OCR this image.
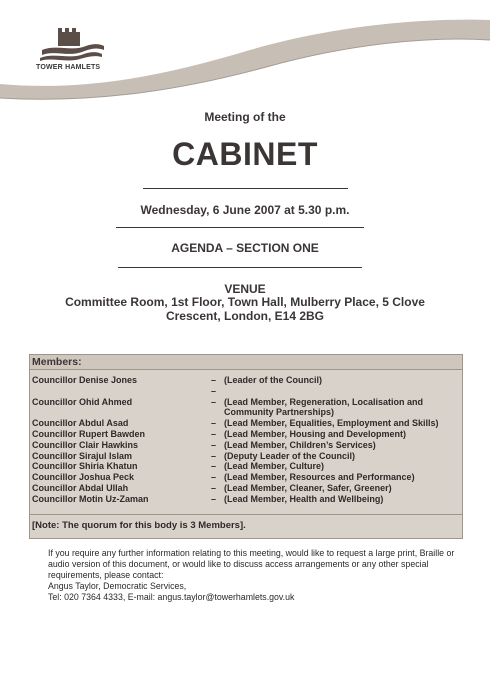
TOWER HAMLETS
Meeting of the
CABINET
Wednesday, 6 June 2007 at 5.30 p.m.
AGENDA – SECTION ONE
VENUE
Committee Room, 1st Floor, Town Hall, Mulberry Place, 5 Clove
Crescent, London, E14 2BG
Members:
Councillor Denise Jones	– (Leader of the Council)
–
Councillor Ohid Ahmed	– (Lead Member, Regeneration, Localisation and Community Partnerships)
Councillor Abdul Asad	– (Lead Member, Equalities, Employment and Skills)
Councillor Rupert Bawden	– (Lead Member, Housing and Development)
Councillor Clair Hawkins	– (Lead Member, Children’s Services)
Councillor Sirajul Islam	– (Deputy Leader of the Council)
Councillor Shiria Khatun	– (Lead Member, Culture)
Councillor Joshua Peck	– (Lead Member, Resources and Performance)
Councillor Abdal Ullah	– (Lead Member, Cleaner, Safer, Greener)
Councillor Motin Uz-Zaman	– (Lead Member, Health and Wellbeing)
[Note: The quorum for this body is 3 Members].

If you require any further information relating to this meeting, would like to request a large print, Braille or audio version of this document, or would like to discuss access arrangements or any other special requirements, please contact:

Angus Taylor, Democratic Services,

Tel: 020 7364 4333, E-mail: angus.taylor@towerhamlets.gov.uk
